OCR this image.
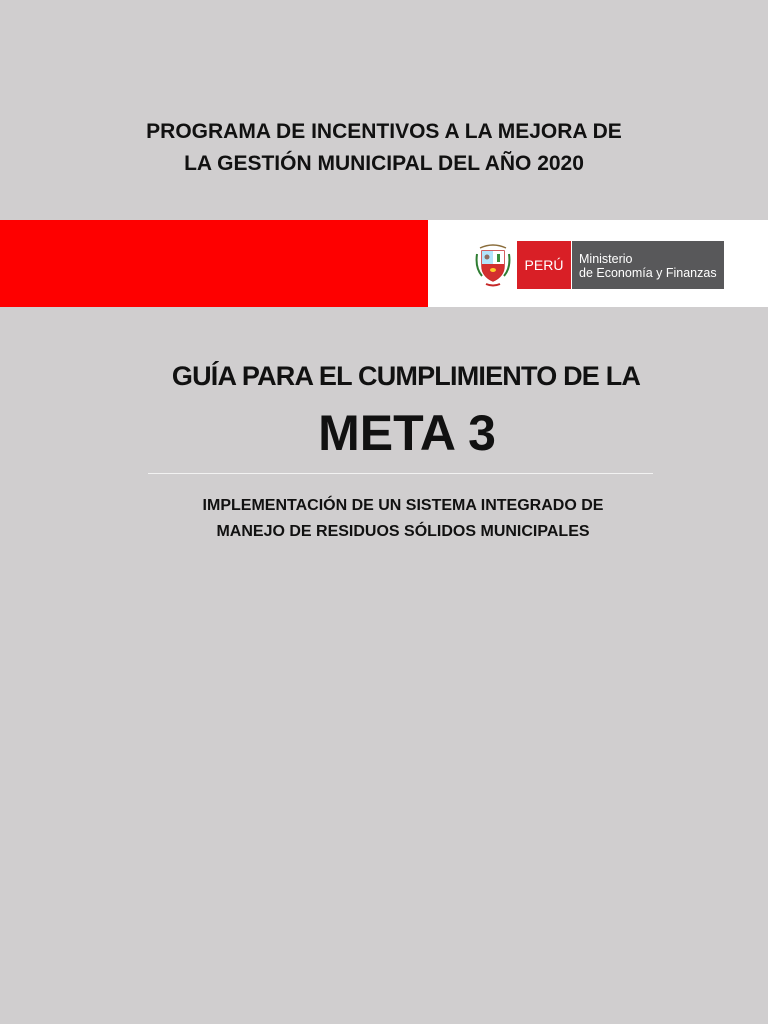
PROGRAMA DE INCENTIVOS A LA MEJORA DE
LA GESTIÓN MUNICIPAL DEL AÑO 2020
PERÚ	Ministerio
de Economía y Finanzas
GUÍA PARA EL CUMPLIMIENTO DE LA
META 3
IMPLEMENTACIÓN DE UN SISTEMA INTEGRADO DE
MANEJO DE RESIDUOS SÓLIDOS MUNICIPALES
